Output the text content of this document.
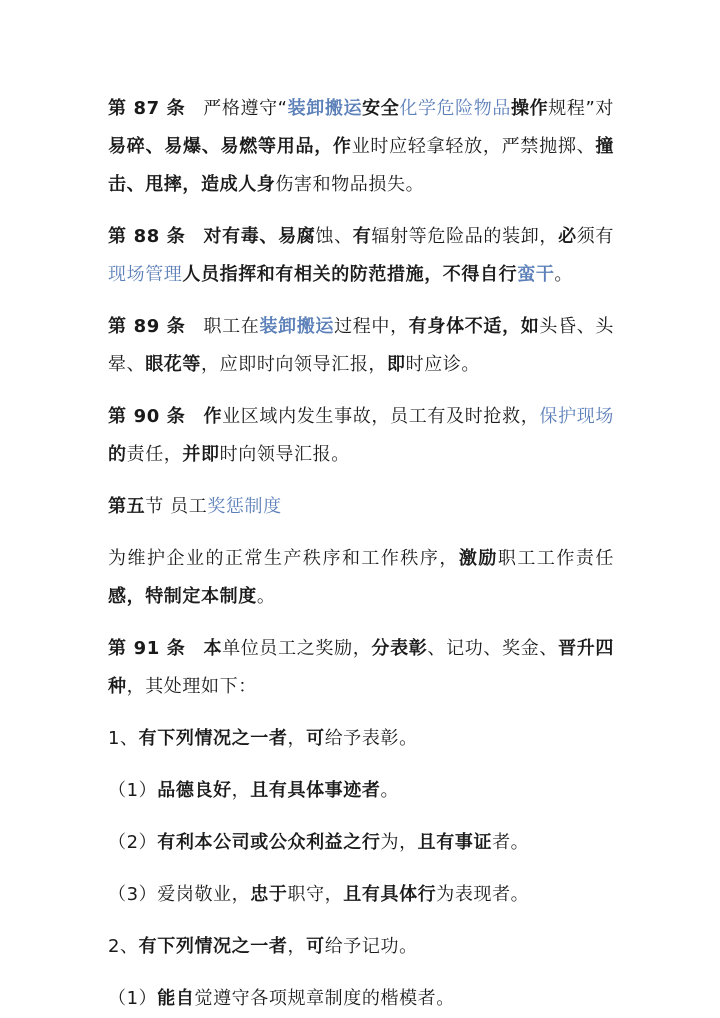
第 87 条 严格遵守“装卸搬运安全化学危险物品操作规程”对易碎、易爆、易燃等用品，作业时应轻拿轻放，严禁抛掷、撞击、甩摔，造成人身伤害和物品损失。

第 88 条 对有毒、易腐蚀、有辐射等危险品的装卸，必须有现场管理人员指挥和有相关的防范措施，不得自行蛮干。

第 89 条 职工在装卸搬运过程中，有身体不适，如头昏、头晕、眼花等，应即时向领导汇报，即时应诊。

第 90 条 作业区域内发生事故，员工有及时抢救，保护现场的责任，并即时向领导汇报。

第五节 员工奖惩制度

为维护企业的正常生产秩序和工作秩序，激励职工工作责任感，特制定本制度。

第 91 条 本单位员工之奖励，分表彰、记功、奖金、晋升四种，其处理如下：

1、有下列情况之一者，可给予表彰。

（1）品德良好，且有具体事迹者。

（2）有利本公司或公众利益之行为，且有事证者。

（3）爱岗敬业，忠于职守，且有具体行为表现者。

2、有下列情况之一者，可给予记功。

（1）能自觉遵守各项规章制度的楷模者。
